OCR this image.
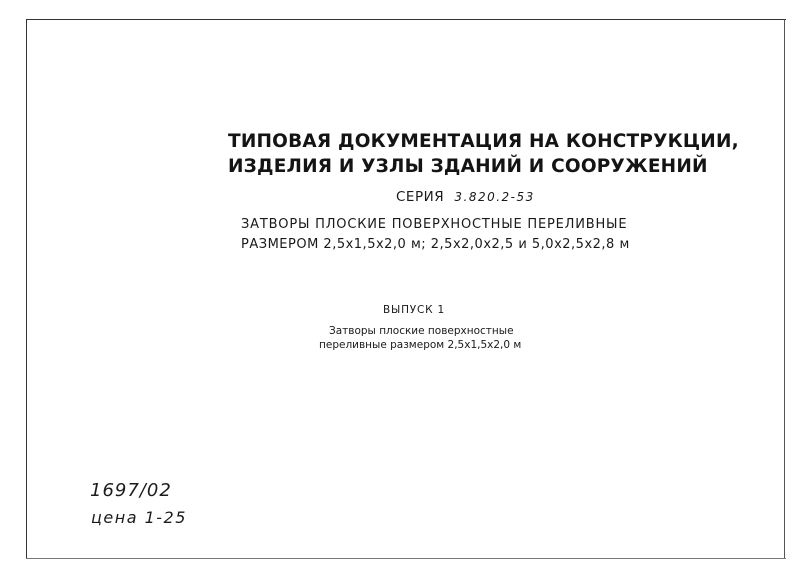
ТИПОВАЯ ДОКУМЕНТАЦИЯ НА КОНСТРУКЦИИ,
ИЗДЕЛИЯ И УЗЛЫ ЗДАНИЙ И СООРУЖЕНИЙ
СЕРИЯ 3.820.2-53
ЗАТВОРЫ ПЛОСКИЕ ПОВЕРХНОСТНЫЕ ПЕРЕЛИВНЫЕ
РАЗМЕРОМ 2,5х1,5х2,0 м; 2,5х2,0х2,5 и 5,0х2,5х2,8 м
ВЫПУСК 1
Затворы плоские поверхностные
переливные размером 2,5х1,5х2,0 м
1697/02
цена 1-25
